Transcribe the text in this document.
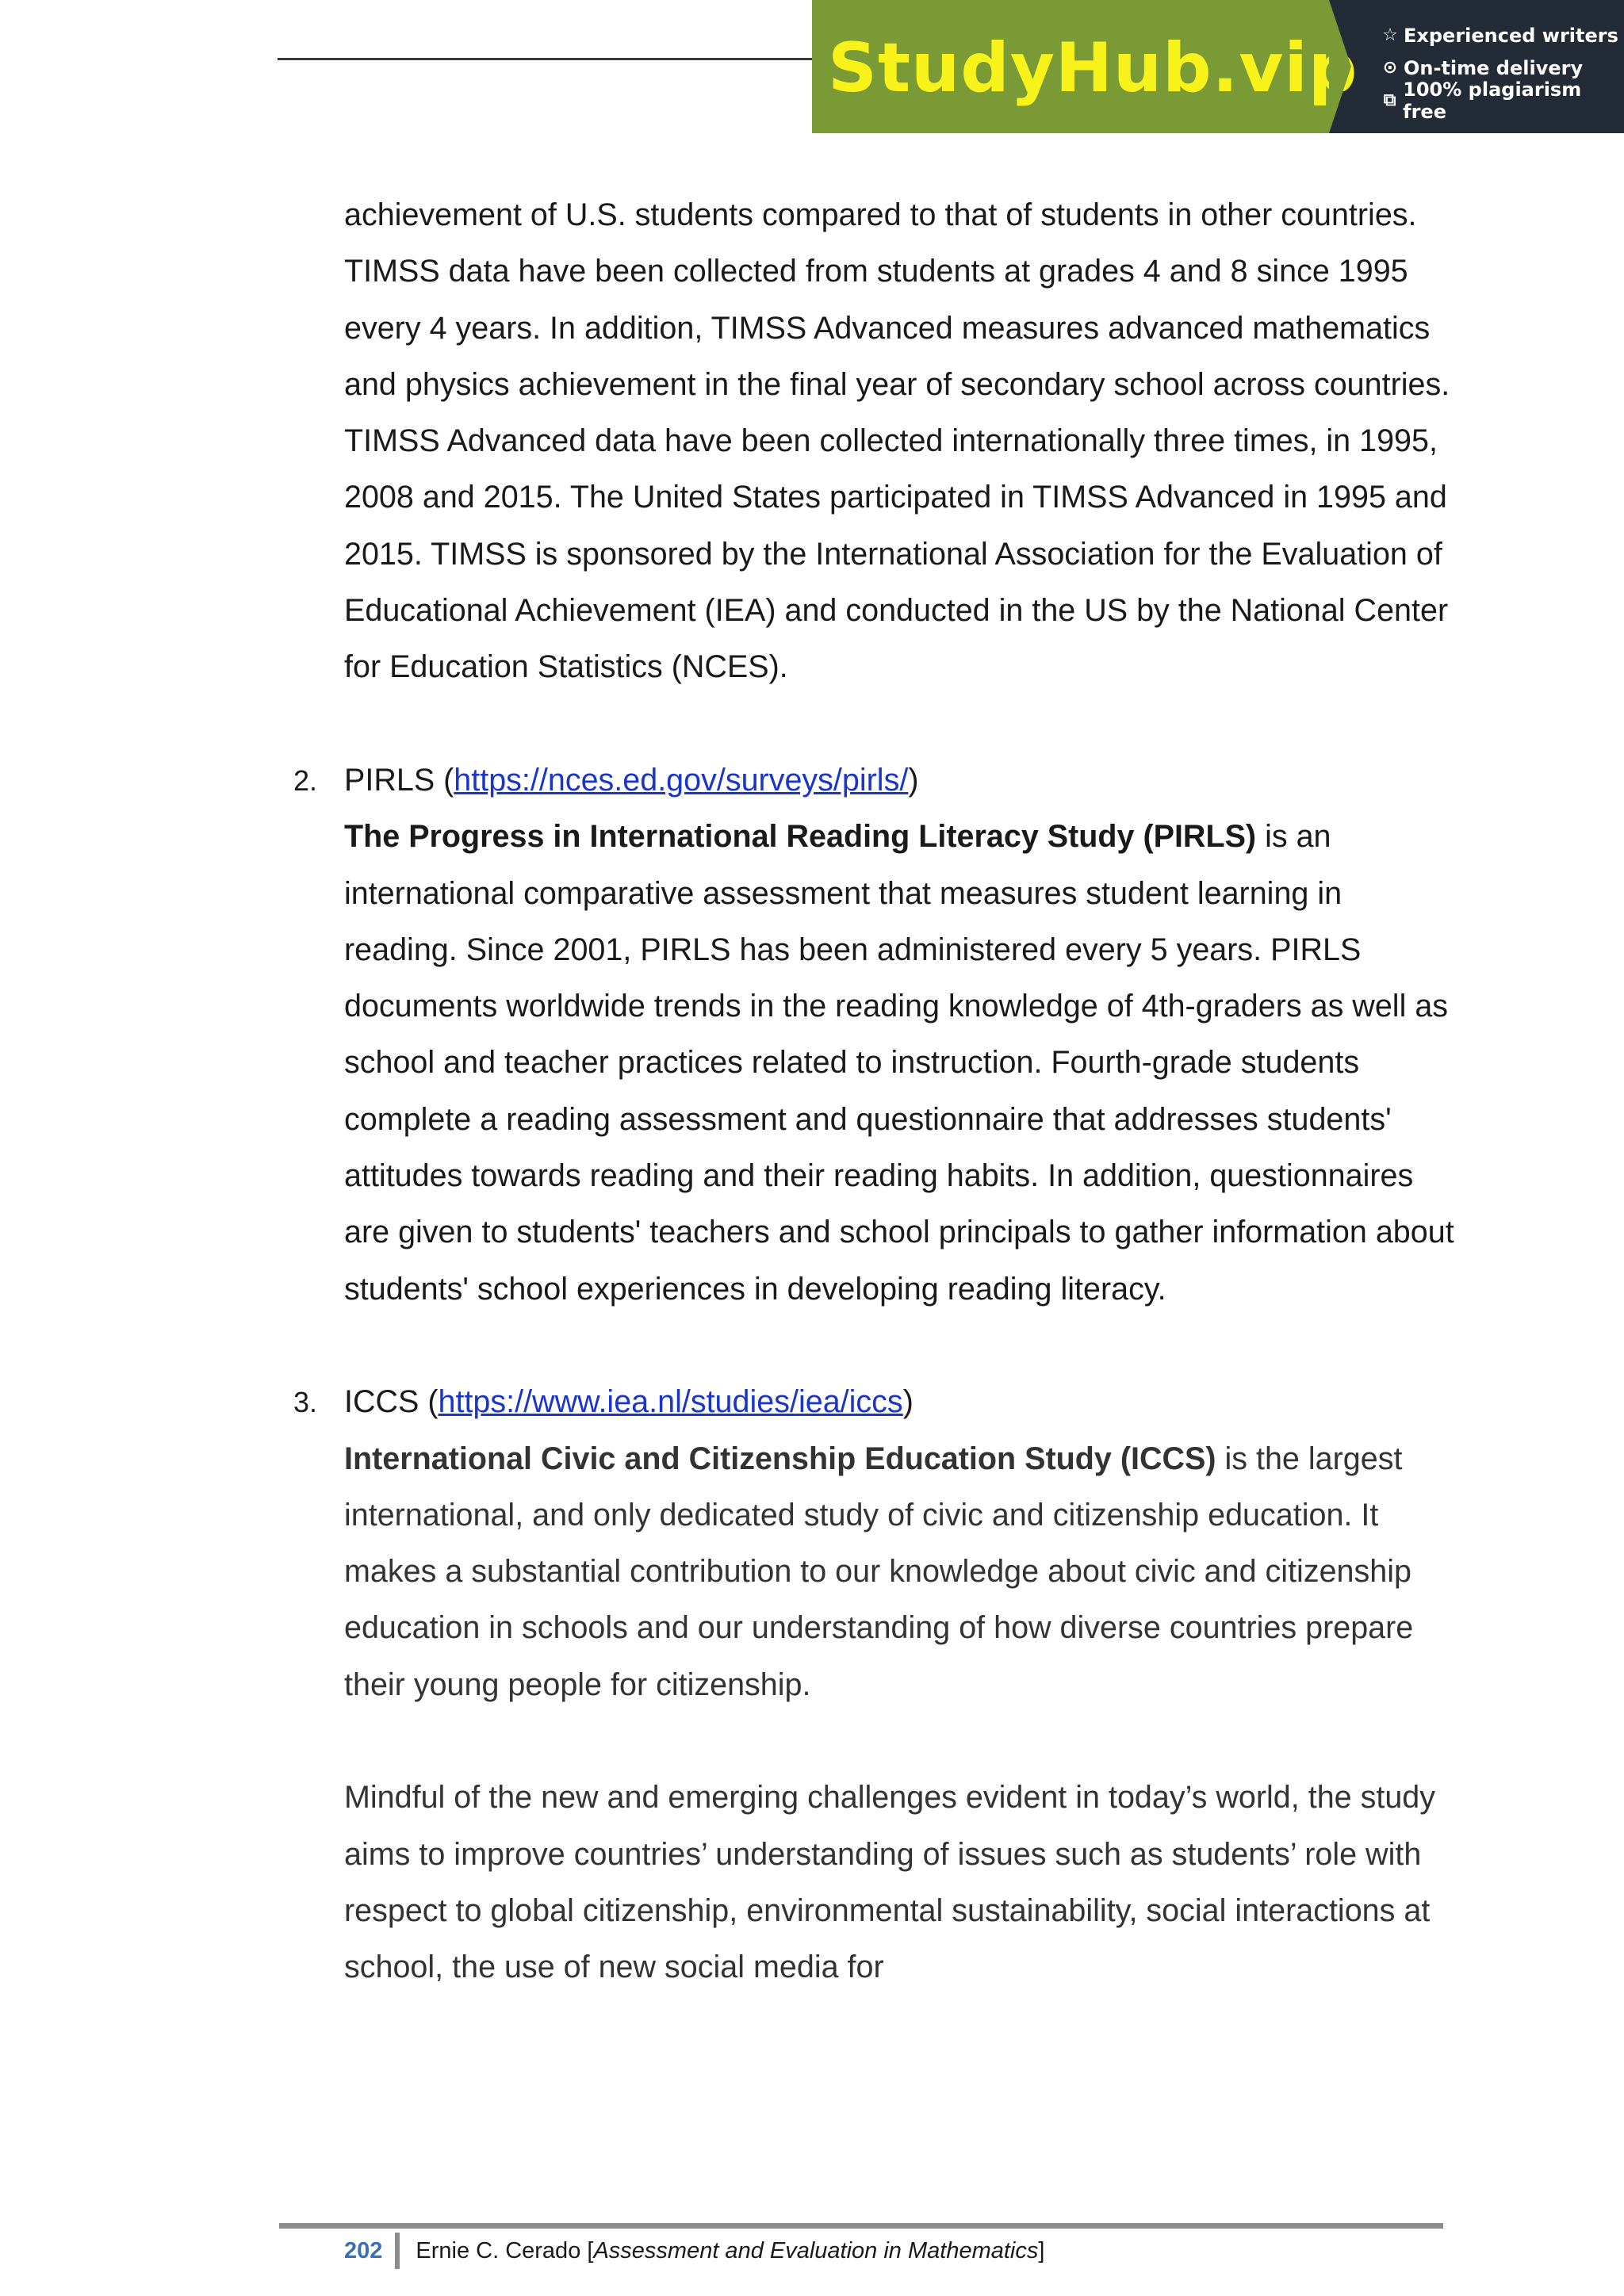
StudyHub.vip ☆ Experienced writers
⊙ On-time delivery
⧉ 100% plagiarism free

achievement of U.S. students compared to that of students in other countries. TIMSS data have been collected from students at grades 4 and 8 since 1995 every 4 years. In addition, TIMSS Advanced measures advanced mathematics and physics achievement in the final year of secondary school across countries. TIMSS Advanced data have been collected internationally three times, in 1995, 2008 and 2015. The United States participated in TIMSS Advanced in 1995 and 2015. TIMSS is sponsored by the International Association for the Evaluation of Educational Achievement (IEA) and conducted in the US by the National Center for Education Statistics (NCES).

2. PIRLS (https://nces.ed.gov/surveys/pirls/)

The Progress in International Reading Literacy Study (PIRLS) is an international comparative assessment that measures student learning in reading. Since 2001, PIRLS has been administered every 5 years. PIRLS documents worldwide trends in the reading knowledge of 4th-graders as well as school and teacher practices related to instruction. Fourth-grade students complete a reading assessment and questionnaire that addresses students' attitudes towards reading and their reading habits. In addition, questionnaires are given to students' teachers and school principals to gather information about students' school experiences in developing reading literacy.

3. ICCS (https://www.iea.nl/studies/iea/iccs)

International Civic and Citizenship Education Study (ICCS) is the largest international, and only dedicated study of civic and citizenship education. It makes a substantial contribution to our knowledge about civic and citizenship education in schools and our understanding of how diverse countries prepare their young people for citizenship.

Mindful of the new and emerging challenges evident in today’s world, the study aims to improve countries’ understanding of issues such as students’ role with respect to global citizenship, environmental sustainability, social interactions at school, the use of new social media for

202	Ernie C. Cerado [ Assessment and Evaluation in Mathematics ]
